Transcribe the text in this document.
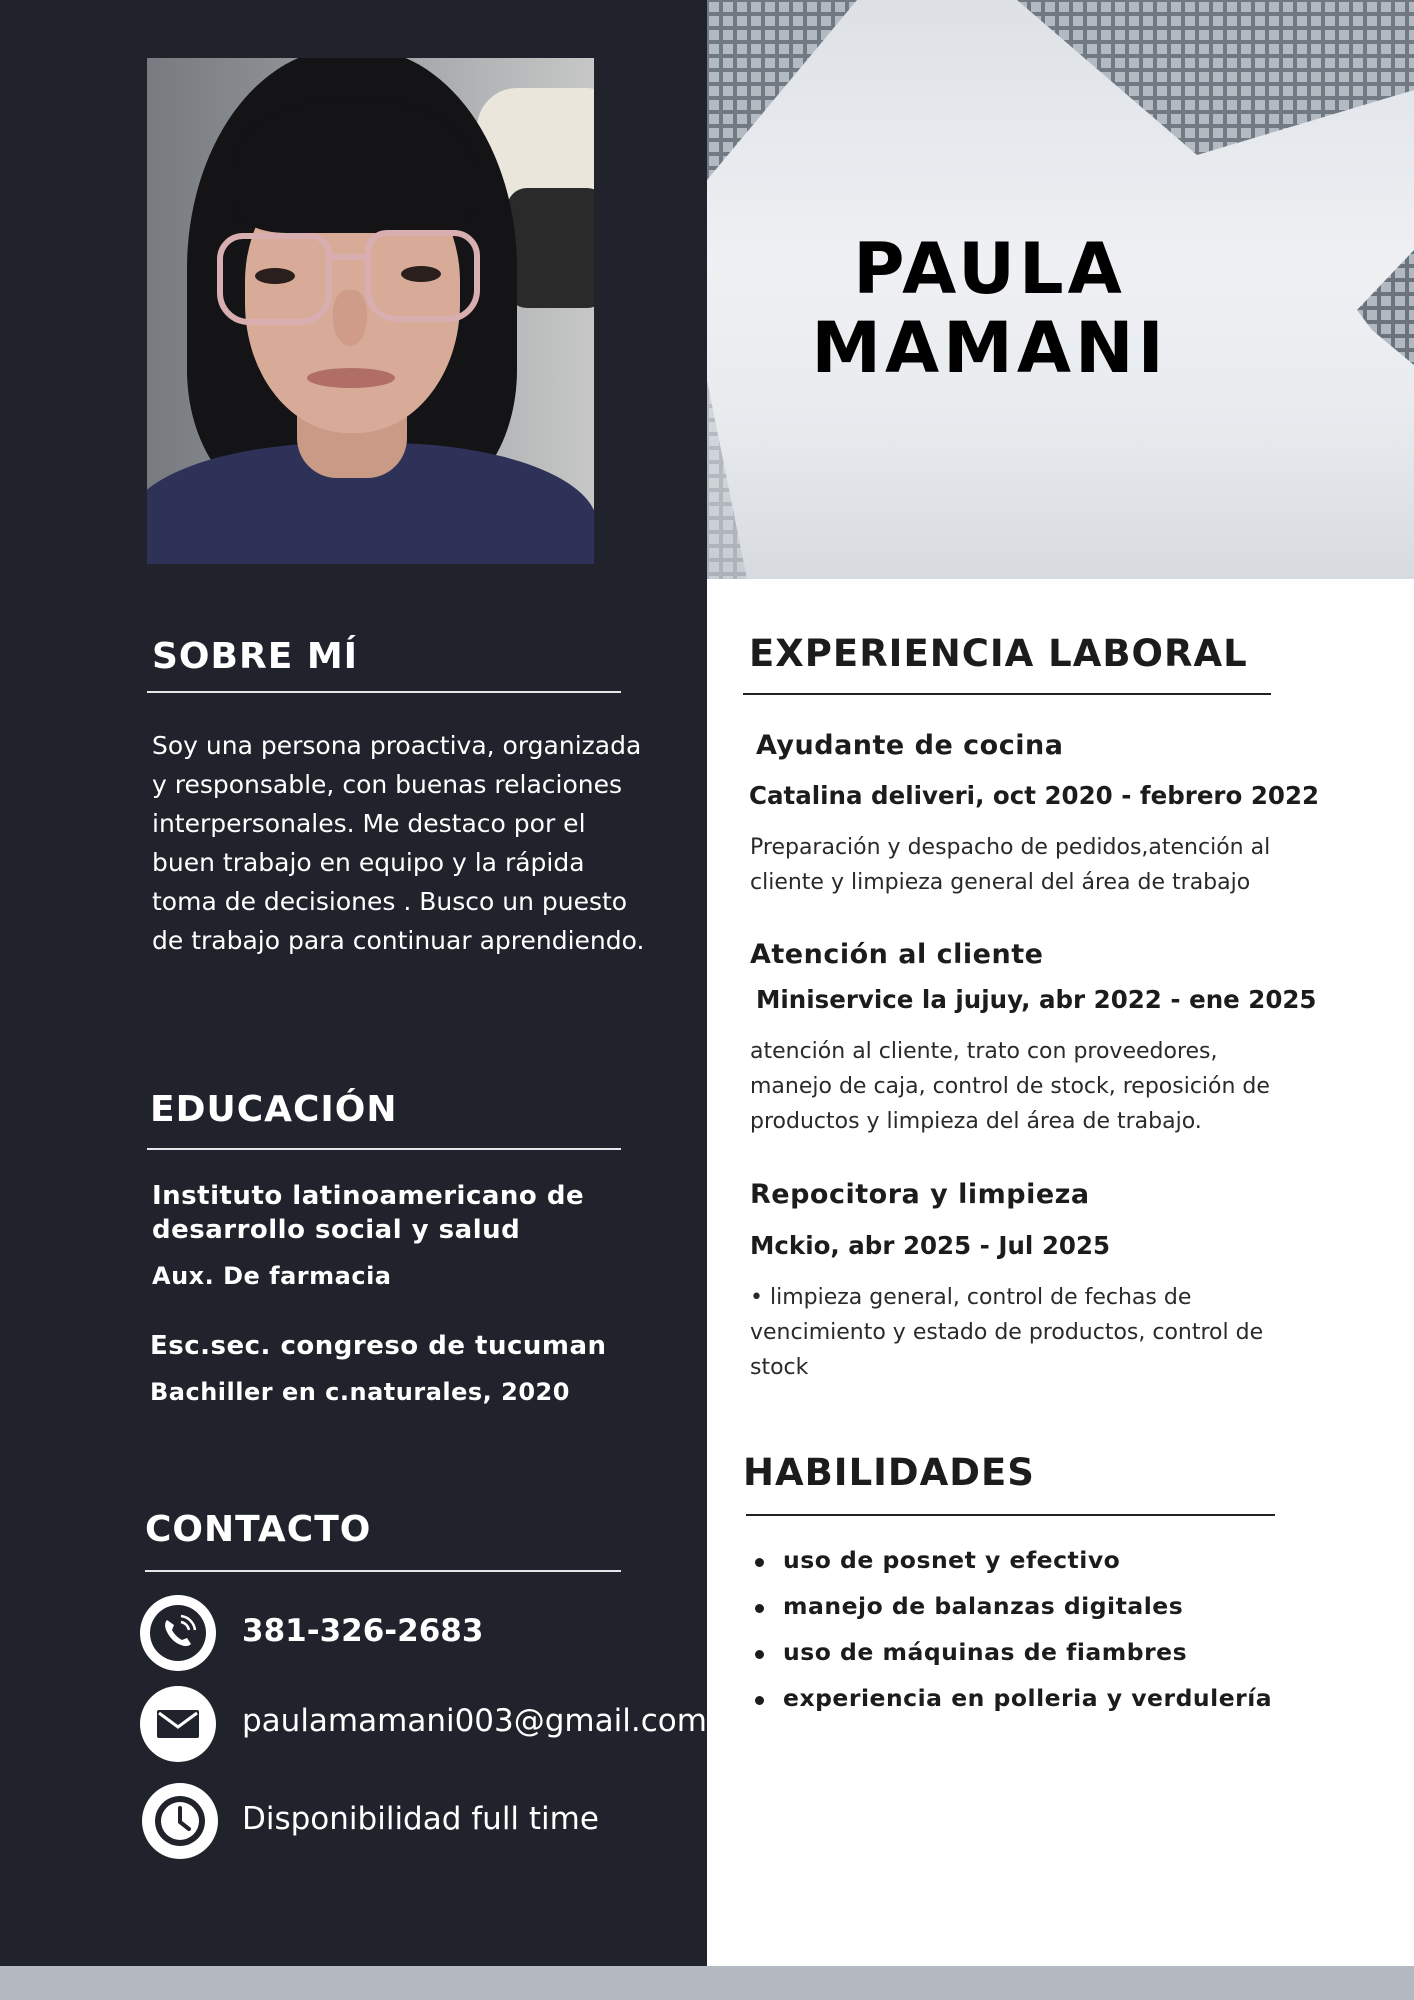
SOBRE MÍ
Soy una persona proactiva, organizada y responsable, con buenas relaciones interpersonales. Me destaco por el buen trabajo en equipo y la rápida toma de decisiones . Busco un puesto de trabajo para continuar aprendiendo.
EDUCACIÓN
Instituto latinoamericano de desarrollo social y salud
Aux. De farmacia
Esc.sec. congreso de tucuman
Bachiller en c.naturales, 2020
CONTACTO
381-326-2683
paulamamani003@gmail.com
Disponibilidad full time
PAULA
MAMANI
EXPERIENCIA LABORAL
Ayudante de cocina
Catalina deliveri, oct 2020 - febrero 2022
Preparación y despacho de pedidos,atención al cliente y limpieza general del área de trabajo
Atención al cliente
Miniservice la jujuy, abr 2022 - ene 2025
atención al cliente, trato con proveedores, manejo de caja, control de stock, reposición de productos y limpieza del área de trabajo.
Repocitora y limpieza
Mckio, abr 2025 - Jul 2025
• limpieza general, control de fechas de vencimiento y estado de productos, control de stock
HABILIDADES
uso de posnet y efectivo
manejo de balanzas digitales
uso de máquinas de fiambres
experiencia en polleria y verdulería
